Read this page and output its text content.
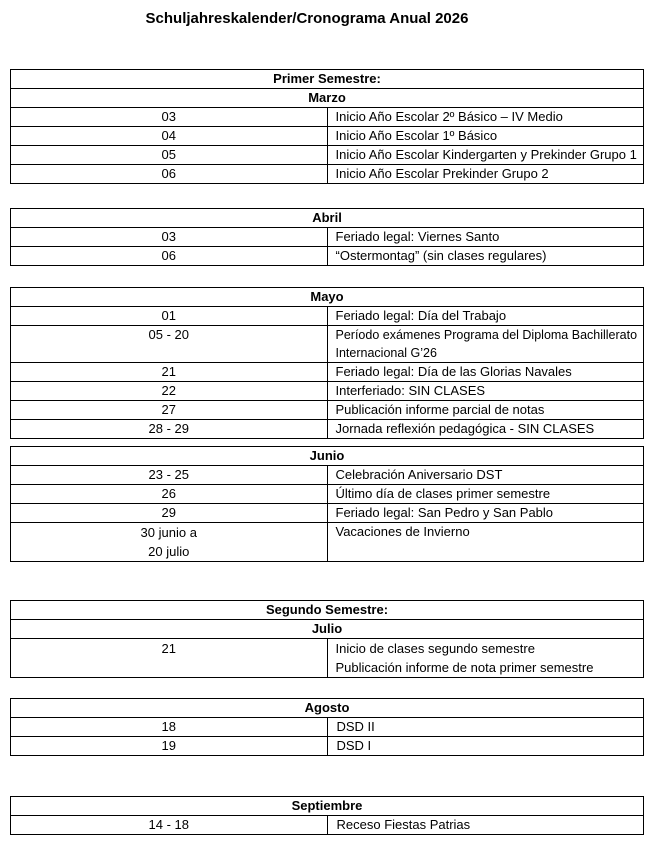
Schuljahreskalender/Cronograma Anual 2026
Primer Semestre:	
Marzo	
03	Inicio Año Escolar 2º Básico – IV Medio
04	Inicio Año Escolar 1º Básico
05	Inicio Año Escolar Kindergarten y Prekinder Grupo 1
06	Inicio Año Escolar Prekinder Grupo 2
Abril	
03	Feriado legal: Viernes Santo
06	“Ostermontag” (sin clases regulares)
Mayo	
01	Feriado legal: Día del Trabajo
05 - 20	Período exámenes Programa del Diploma Bachillerato Internacional G’26
21	Feriado legal: Día de las Glorias Navales
22	Interferiado: SIN CLASES
27	Publicación informe parcial de notas
28 - 29	Jornada reflexión pedagógica - SIN CLASES
Junio	
23 - 25	Celebración Aniversario DST
26	Último día de clases primer semestre
29	Feriado legal: San Pedro y San Pablo

30 junio a
20 julio	Vacaciones de Invierno
Segundo Semestre:
Julio
21	Inicio de clases segundo semestre
Publicación informe de nota primer semestre
Agosto	
18	DSD II
19	DSD I
Septiembre
14 - 18	Receso Fiestas Patrias
